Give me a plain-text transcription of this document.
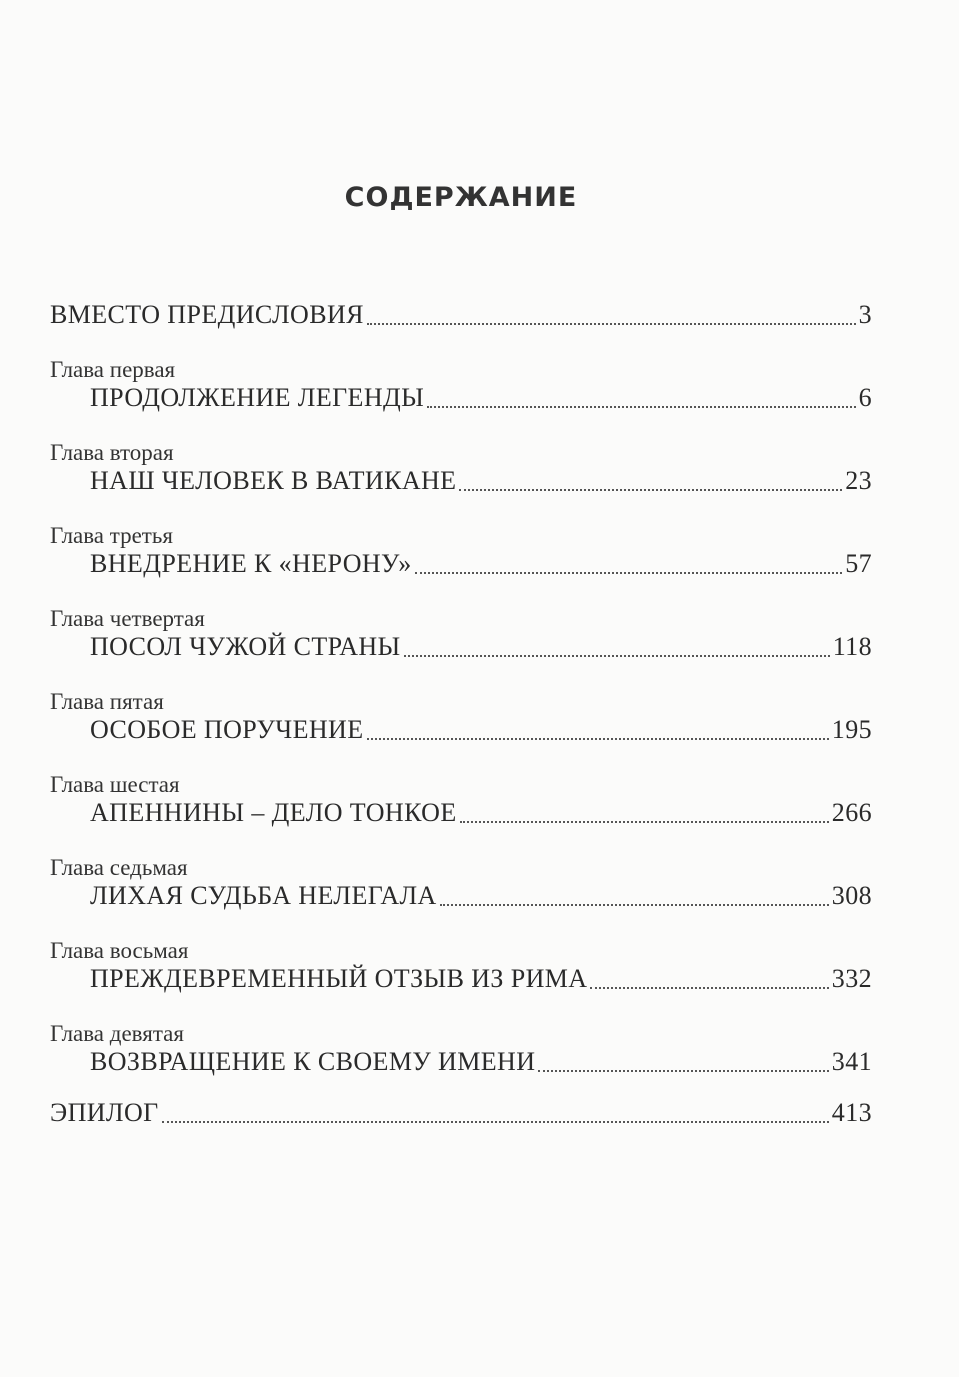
СОДЕРЖАНИЕ
ВМЕСТО ПРЕДИСЛОВИЯ	3
Глава первая
ПРОДОЛЖЕНИЕ ЛЕГЕНДЫ	6
Глава вторая
НАШ ЧЕЛОВЕК В ВАТИКАНЕ	23
Глава третья
ВНЕДРЕНИЕ К «НЕРОНУ»	57
Глава четвертая
ПОСОЛ ЧУЖОЙ СТРАНЫ	118
Глава пятая
ОСОБОЕ ПОРУЧЕНИЕ	195
Глава шестая
АПЕННИНЫ – ДЕЛО ТОНКОЕ	266
Глава седьмая
ЛИХАЯ СУДЬБА НЕЛЕГАЛА	308
Глава восьмая
ПРЕЖДЕВРЕМЕННЫЙ ОТЗЫВ ИЗ РИМА	332
Глава девятая
ВОЗВРАЩЕНИЕ К СВОЕМУ ИМЕНИ	341
ЭПИЛОГ	413
